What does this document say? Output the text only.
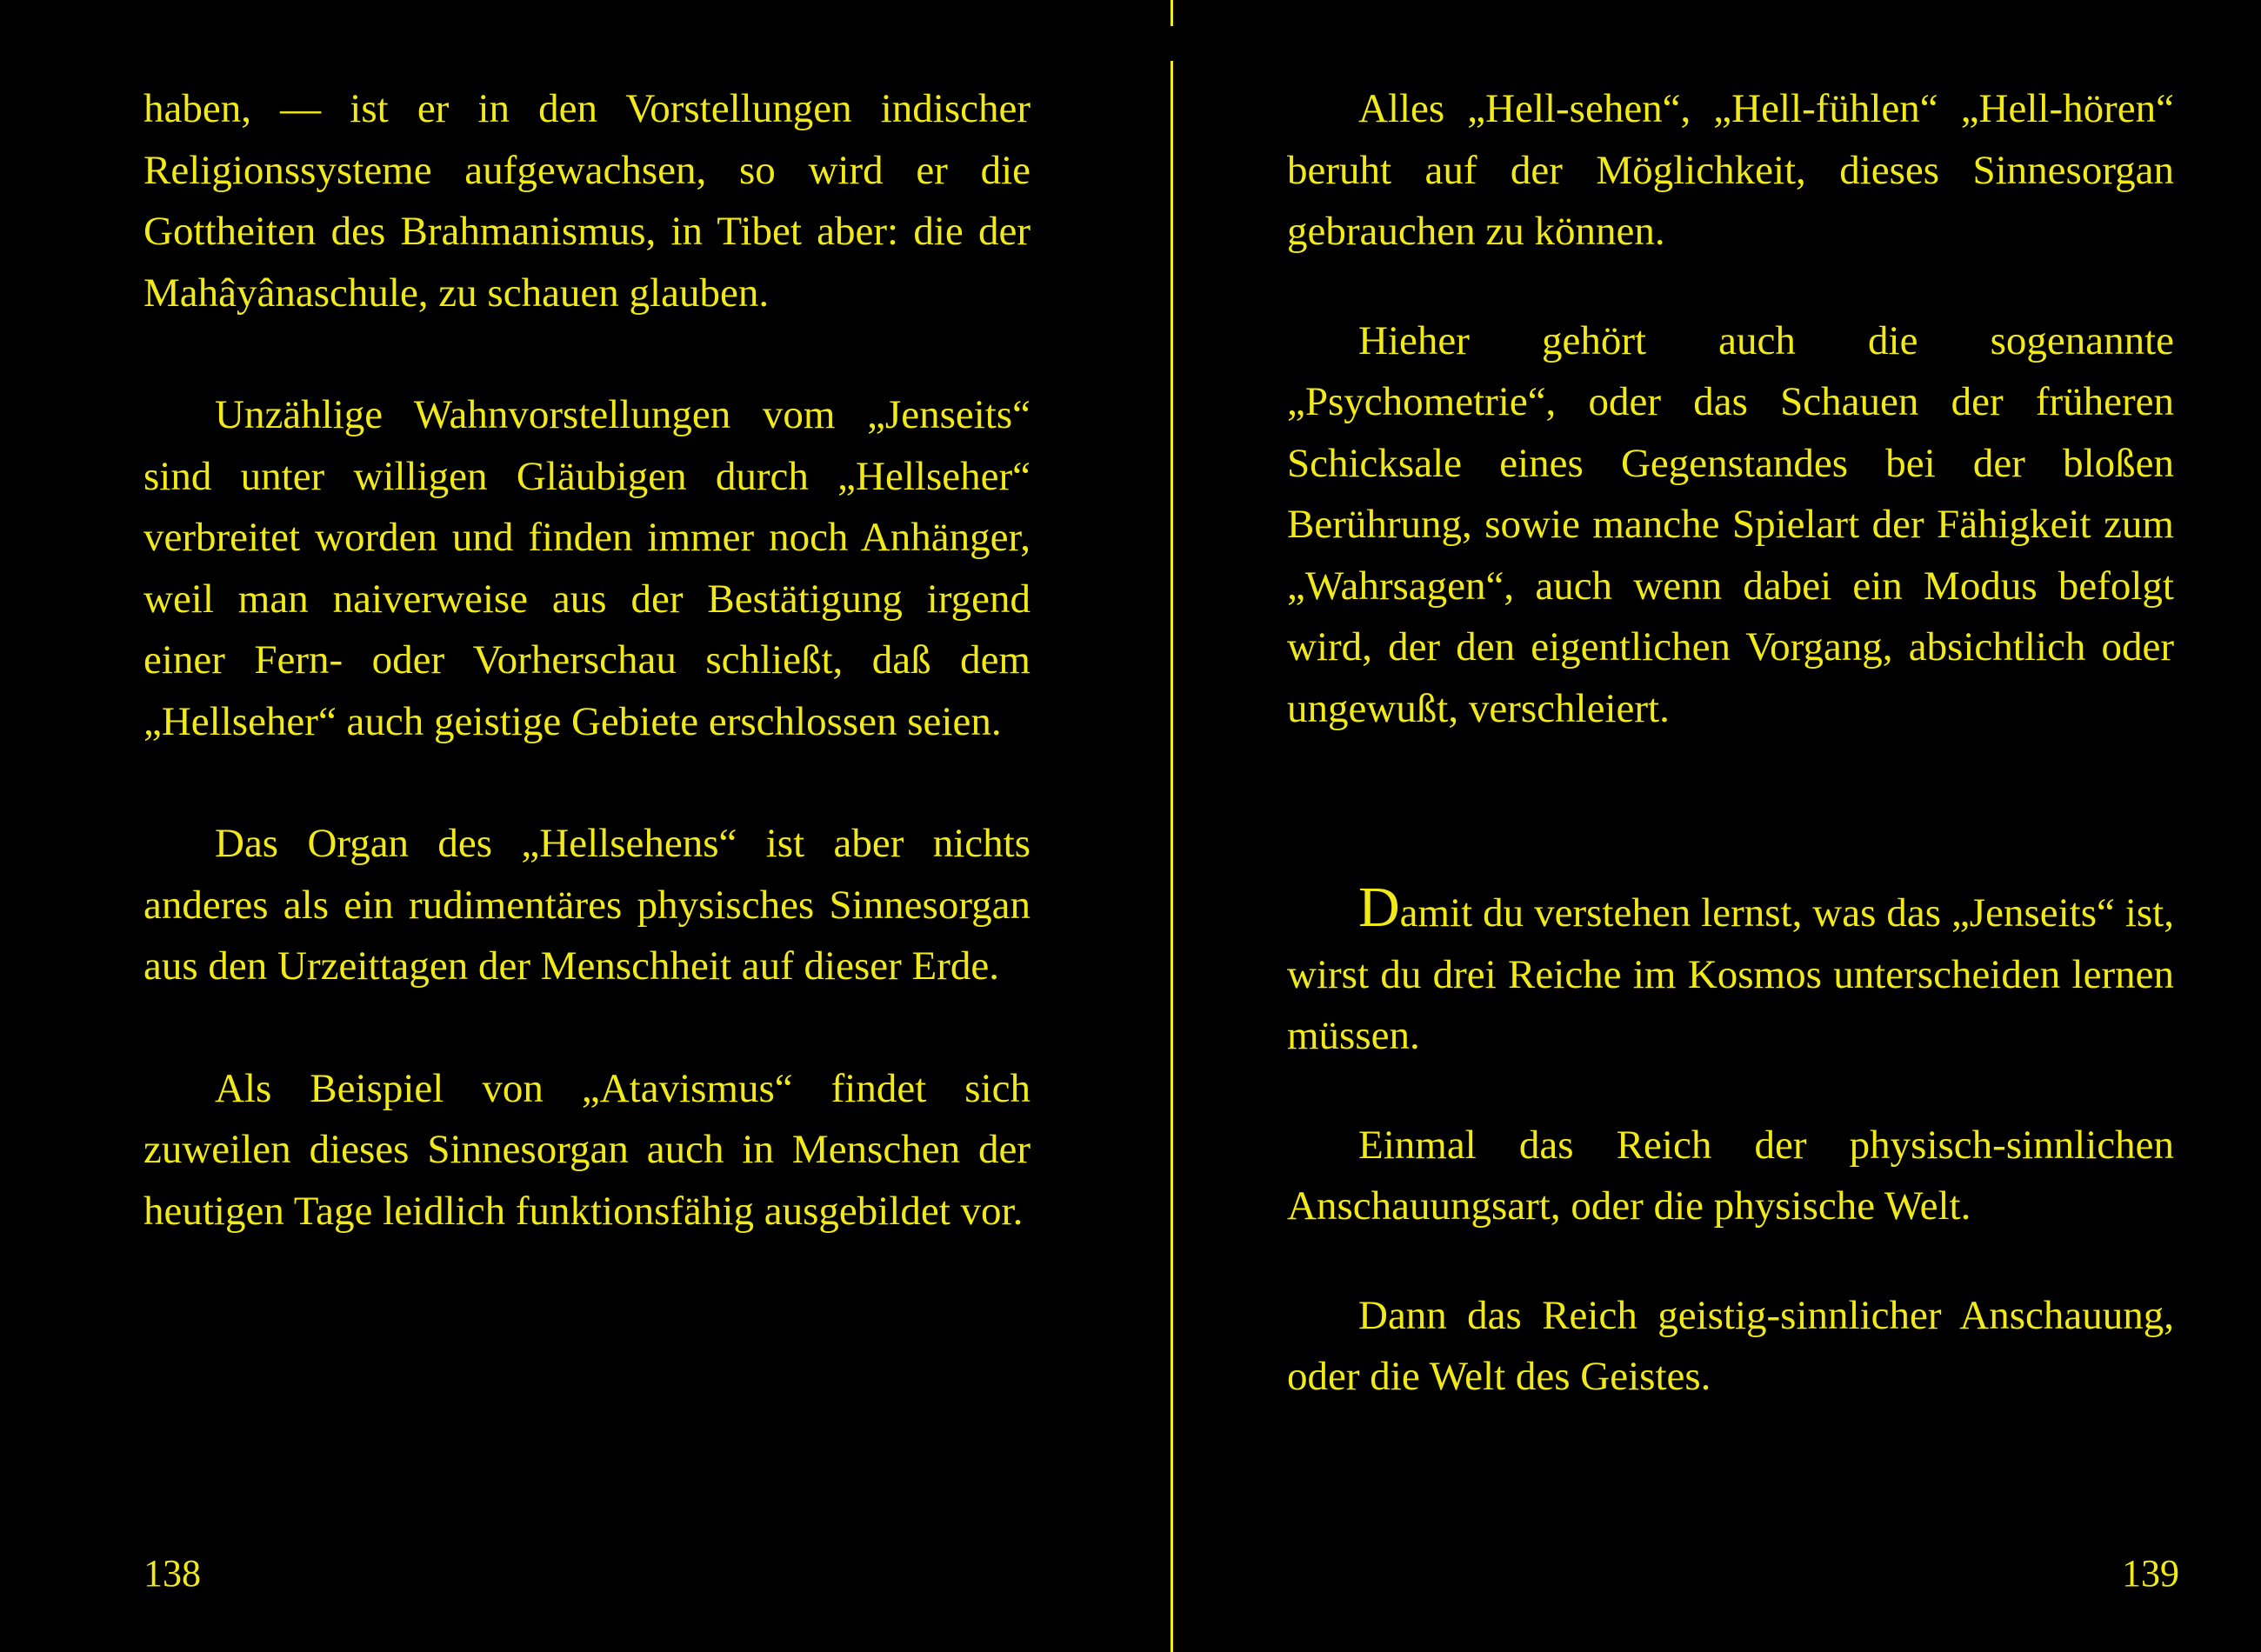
haben, — ist er in den Vorstellungen indischer Religionssysteme aufgewachsen, so wird er die Gottheiten des Brahmanismus, in Tibet aber: die der Mahâyânaschule, zu schauen glauben.

Unzählige Wahnvorstellungen vom „Jenseits“ sind unter willigen Gläubigen durch „Hellseher“ verbreitet worden und finden immer noch Anhänger, weil man naiverweise aus der Bestätigung irgend einer Fern- oder Vorherschau schließt, daß dem „Hellseher“ auch geistige Gebiete erschlossen seien.

Das Organ des „Hellsehens“ ist aber nichts anderes als ein rudimentäres physisches Sinnesorgan aus den Urzeittagen der Menschheit auf dieser Erde.

Als Beispiel von „Atavismus“ findet sich zuweilen dieses Sinnesorgan auch in Menschen der heutigen Tage leidlich funktionsfähig ausgebildet vor.

138

Alles „Hell-sehen“, „Hell-fühlen“ „Hell-hören“ beruht auf der Möglichkeit, dieses Sinnesorgan gebrauchen zu können.

Hieher gehört auch die sogenannte „Psychometrie“, oder das Schauen der früheren Schicksale eines Gegenstandes bei der bloßen Berührung, sowie manche Spielart der Fähigkeit zum „Wahrsagen“, auch wenn dabei ein Modus befolgt wird, der den eigentlichen Vorgang, absichtlich oder ungewußt, verschleiert.

Damit du verstehen lernst, was das „Jenseits“ ist, wirst du drei Reiche im Kosmos unterscheiden lernen müssen.

Einmal das Reich der physisch-sinnlichen Anschauungsart, oder die physische Welt.

Dann das Reich geistig-sinnlicher Anschauung, oder die Welt des Geistes.

139
